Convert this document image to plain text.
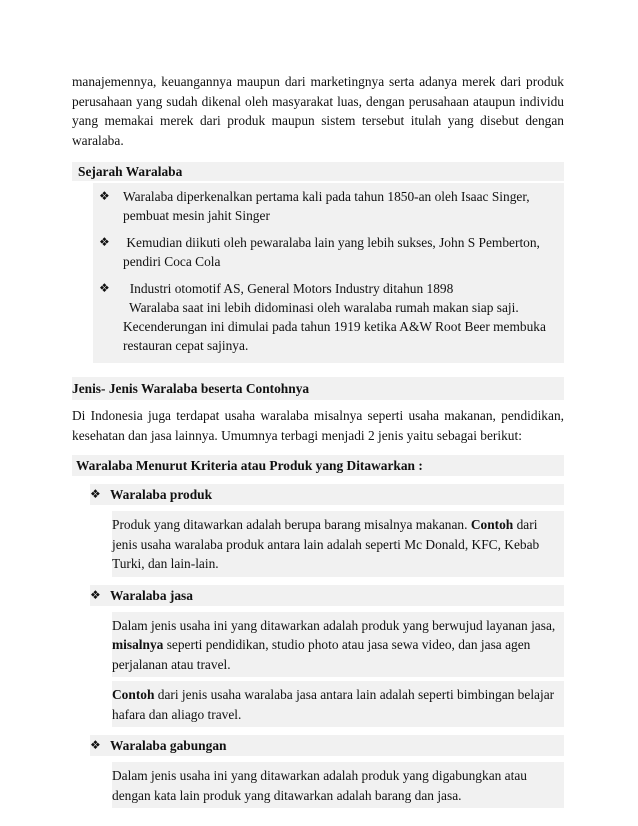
manajemennya, keuangannya maupun dari marketingnya serta adanya merek dari produk perusahaan yang sudah dikenal oleh masyarakat luas, dengan perusahaan ataupun individu yang memakai merek dari produk maupun sistem tersebut itulah yang disebut dengan waralaba.

Sejarah Waralaba

❖ Waralaba diperkenalkan pertama kali pada tahun 1850-an oleh Isaac Singer, pembuat mesin jahit Singer
❖ Kemudian diikuti oleh pewaralaba lain yang lebih sukses, John S Pemberton, pendiri Coca Cola
❖ Industri otomotif AS, General Motors Industry ditahun 1898

Waralaba saat ini lebih didominasi oleh waralaba rumah makan siap saji.

Kecenderungan ini dimulai pada tahun 1919 ketika A&W Root Beer membuka restauran cepat sajinya.

Jenis- Jenis Waralaba beserta Contohnya

Di Indonesia juga terdapat usaha waralaba misalnya seperti usaha makanan, pendidikan, kesehatan dan jasa lainnya. Umumnya terbagi menjadi 2 jenis yaitu sebagai berikut:

Waralaba Menurut Kriteria atau Produk yang Ditawarkan :

❖ Waralaba produk

Produk yang ditawarkan adalah berupa barang misalnya makanan. Contoh dari jenis usaha waralaba produk antara lain adalah seperti Mc Donald, KFC, Kebab Turki, dan lain-lain.

❖ Waralaba jasa

Dalam jenis usaha ini yang ditawarkan adalah produk yang berwujud layanan jasa, misalnya seperti pendidikan, studio photo atau jasa sewa video, dan jasa agen perjalanan atau travel.

Contoh dari jenis usaha waralaba jasa antara lain adalah seperti bimbingan belajar hafara dan aliago travel.

❖ Waralaba gabungan

Dalam jenis usaha ini yang ditawarkan adalah produk yang digabungkan atau dengan kata lain produk yang ditawarkan adalah barang dan jasa.
